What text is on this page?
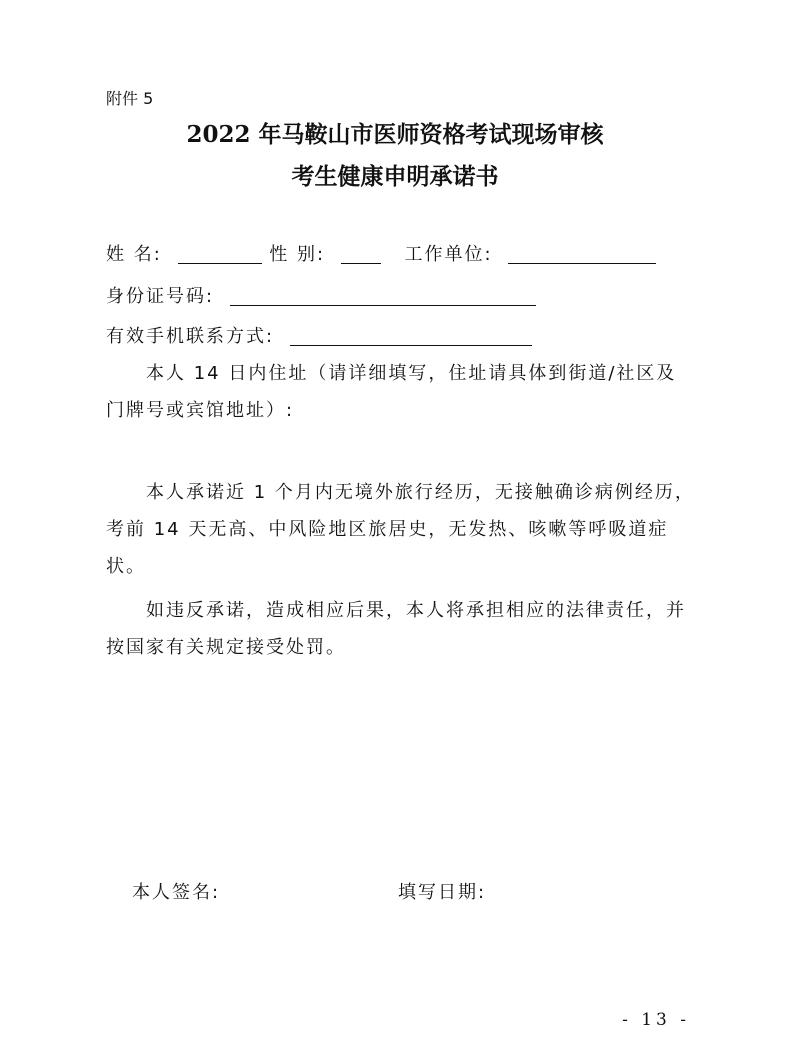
附件 5
2022 年马鞍山市医师资格考试现场审核
考生健康申明承诺书
姓 名:	性 别:	工作单位:
身份证号码:
有效手机联系方式:

本人 14 日内住址（请详细填写，住址请具体到街道/社区及门牌号或宾馆地址）:

本人承诺近 1 个月内无境外旅行经历，无接触确诊病例经历，考前 14 天无高、中风险地区旅居史，无发热、咳嗽等呼吸道症状。

如违反承诺，造成相应后果，本人将承担相应的法律责任，并按国家有关规定接受处罚。

本人签名:	填写日期:
- 13 -
